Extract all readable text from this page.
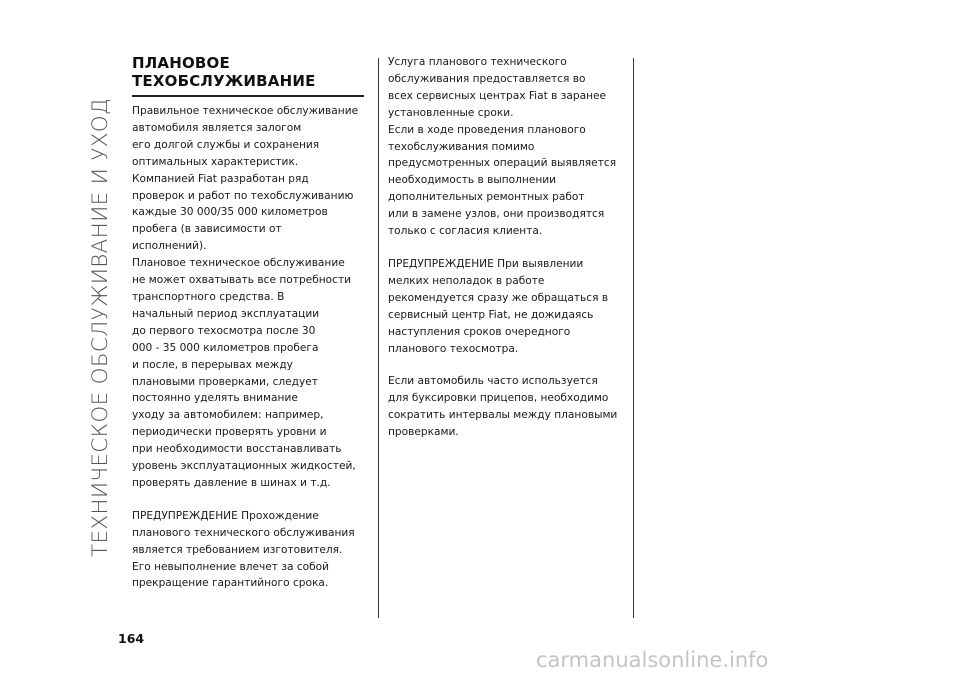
ТЕХНИЧЕСКОЕ ОБСЛУЖИВАНИЕ И УХОД
164
ПЛАНОВОЕ
ТЕХОБСЛУЖИВАНИЕ
Правильное техническое обслуживание
автомобиля является залогом
его долгой службы и сохранения
оптимальных характеристик.
Компанией Fiat разработан ряд
проверок и работ по техобслуживанию
каждые 30 000/35 000 километров
пробега (в зависимости от
исполнений).
Плановое техническое обслуживание
не может охватывать все потребности
транспортного средства. В
начальный период эксплуатации
до первого техосмотра после 30
000 - 35 000 километров пробега
и после, в перерывах между
плановыми проверками, следует
постоянно уделять внимание
уходу за автомобилем: например,
периодически проверять уровни и
при необходимости восстанавливать
уровень эксплуатационных жидкостей,
проверять давление в шинах и т.д.
ПРЕДУПРЕЖДЕНИЕ Прохождение
планового технического обслуживания
является требованием изготовителя.
Его невыполнение влечет за собой
прекращение гарантийного срока.
Услуга планового технического
обслуживания предоставляется во
всех сервисных центрах Fiat в заранее
установленные сроки.
Если в ходе проведения планового
техобслуживания помимо
предусмотренных операций выявляется
необходимость в выполнении
дополнительных ремонтных работ
или в замене узлов, они производятся
только с согласия клиента.
ПРЕДУПРЕЖДЕНИЕ При выявлении
мелких неполадок в работе
рекомендуется сразу же обращаться в
сервисный центр Fiat, не дожидаясь
наступления сроков очередного
планового техосмотра.
Если автомобиль часто используется
для буксировки прицепов, необходимо
сократить интервалы между плановыми
проверками.
carmanualsonline.info
